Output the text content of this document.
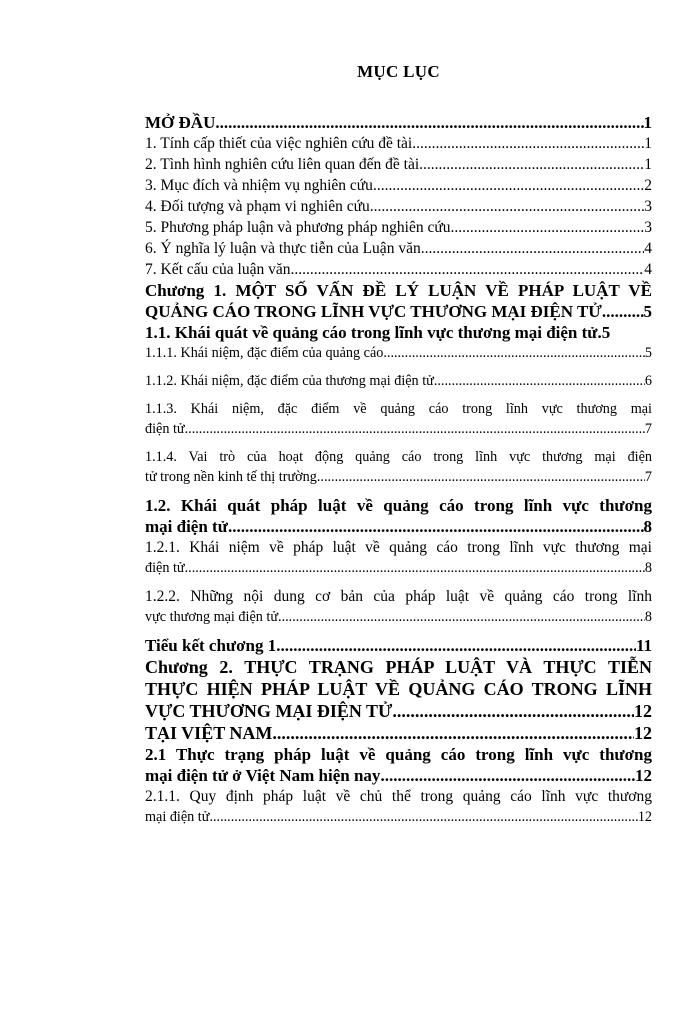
MỤC LỤC
MỞ ĐẦU .....	1
1. Tính cấp thiết của việc nghiên cứu đề tài .....	1
2. Tình hình nghiên cứu liên quan đến đề tài .....	1
3. Mục đích và nhiệm vụ nghiên cứu .....	2
4. Đối tượng và phạm vi nghiên cứu .....	3
5. Phương pháp luận và phương pháp nghiên cứu .....	3
6. Ý nghĩa lý luận và thực tiễn của Luận văn .....	4
7. Kết cấu của luận văn .....	4
Chương 1. MỘT SỐ VẤN ĐỀ LÝ LUẬN VỀ PHÁP LUẬT VỀ
QUẢNG CÁO TRONG LĨNH VỰC THƯƠNG MẠI ĐIỆN TỬ ..... 5
1.1. Khái quát về quảng cáo trong lĩnh vực thương mại điện tử. 5
1.1.1. Khái niệm, đặc điểm của quảng cáo .....	5
1.1.2. Khái niệm, đặc điểm của thương mại điện tử .....	6
1.1.3. Khái niệm, đặc điểm về quảng cáo trong lĩnh vực thương mại
điện tử .....	7
1.1.4. Vai trò của hoạt động quảng cáo trong lĩnh vực thương mại điện
tử trong nền kinh tế thị trường .....	7
1.2. Khái quát pháp luật về quảng cáo trong lĩnh vực thương
mại điện tử .....	8
1.2.1. Khái niệm về pháp luật về quảng cáo trong lĩnh vực thương mại
điện tử .....	8
1.2.2. Những nội dung cơ bản của pháp luật về quảng cáo trong lĩnh
vực thương mại điện tử .....	8
Tiểu kết chương 1 .....	11
Chương 2. THỰC TRẠNG PHÁP LUẬT VÀ THỰC TIỄN
THỰC HIỆN PHÁP LUẬT VỀ QUẢNG CÁO TRONG LĨNH
VỰC THƯƠNG MẠI ĐIỆN TỬ .....	12
TẠI VIỆT NAM .....	12
2.1 Thực trạng pháp luật về quảng cáo trong lĩnh vực thương
mại điện tử ở Việt Nam hiện nay .....	12
2.1.1. Quy định pháp luật về chủ thể trong quảng cáo lĩnh vực thương
mại điện tử .....	12
